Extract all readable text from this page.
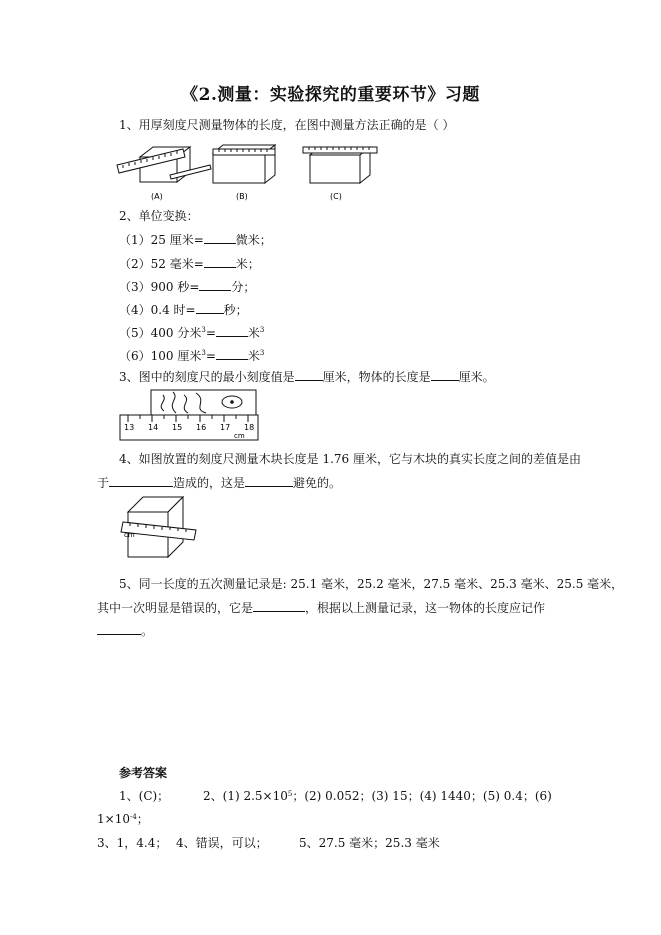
《2.测量：实验探究的重要环节》习题
1、用厚刻度尺测量物体的长度，在图中测量方法正确的是（ ）
(A)	(B)	(C)
2、单位变换：
（1）25 厘米=	微米；
（2）52 毫米=	米；
（3）900 秒=	分；
（4）0.4 时= 秒；
（5）400 分米$^3$=	米$^3$
（6）100 厘米$^3$=	米$^3$
3、图中的刻度尺的最小刻度值是 厘米，物体的长度是 厘米。
13 14 15 16 17 18
cm
4、如图放置的刻度尺测量木块长度是 1.76 厘米，它与木块的真实长度之间的差值是由
于	造成的，这是	避免的。
cm
5、同一长度的五次测量记录是: 25.1 毫米，25.2 毫米，27.5 毫米、25.3 毫米、25.5 毫米，
其中一次明显是错误的，它是	，根据以上测量记录，这一物体的长度应记作
。
参考答案
1、(C)；	2、(1) $2.5\times 10^5$；(2) 0.052；(3) 15；(4) 1440；(5) 0.4；(6)
$1\times 10^{-4}$；
3、1，4.4； 4、错误，可以；	5、27.5 毫米；25.3 毫米
